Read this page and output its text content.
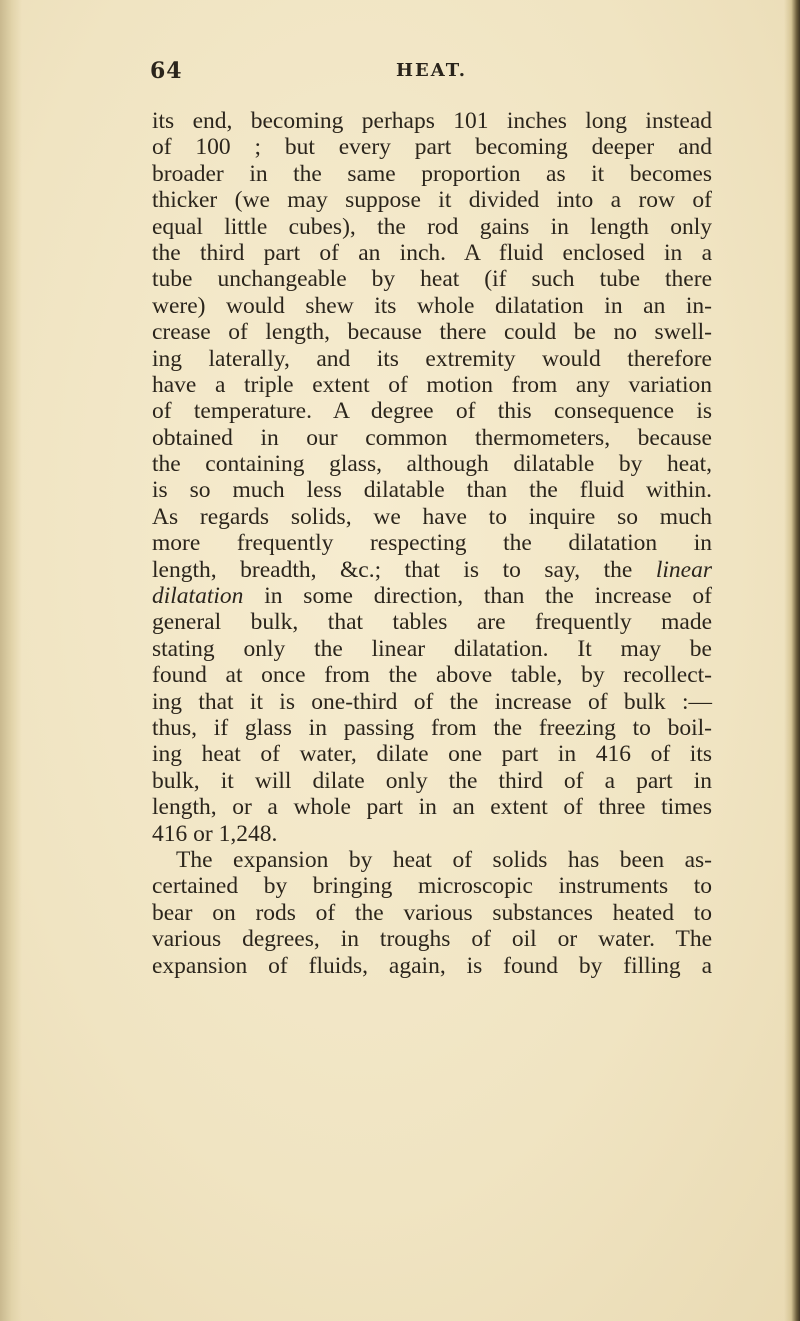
64	HEAT.
its end, becoming perhaps 101 inches long instead
of 100 ; but every part becoming deeper and
broader in the same proportion as it becomes
thicker (we may suppose it divided into a row of
equal little cubes), the rod gains in length only
the third part of an inch. A fluid enclosed in a
tube unchangeable by heat (if such tube there
were) would shew its whole dilatation in an in-
crease of length, because there could be no swell-
ing laterally, and its extremity would therefore
have a triple extent of motion from any variation
of temperature. A degree of this consequence is
obtained in our common thermometers, because
the containing glass, although dilatable by heat,
is so much less dilatable than the fluid within.
As regards solids, we have to inquire so much
more frequently respecting the dilatation in
length, breadth, &c.; that is to say, the linear
dilatation in some direction, than the increase of
general bulk, that tables are frequently made
stating only the linear dilatation. It may be
found at once from the above table, by recollect-
ing that it is one-third of the increase of bulk :—
thus, if glass in passing from the freezing to boil-
ing heat of water, dilate one part in 416 of its
bulk, it will dilate only the third of a part in
length, or a whole part in an extent of three times
416 or 1,248.
The expansion by heat of solids has been as-
certained by bringing microscopic instruments to
bear on rods of the various substances heated to
various degrees, in troughs of oil or water. The
expansion of fluids, again, is found by filling a
